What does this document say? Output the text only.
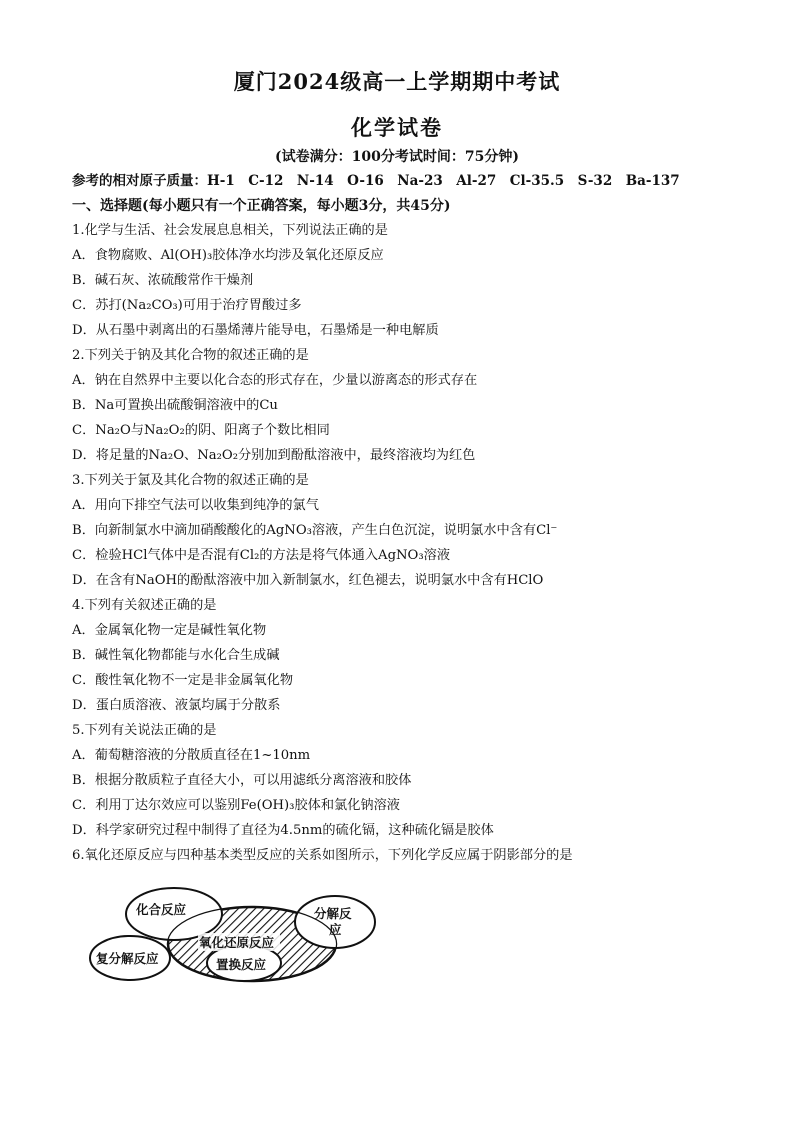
厦门2024级高一上学期期中考试
化学试卷
(试卷满分：100分考试时间：75分钟)
参考的相对原子质量：H-1　C-12　N-14　O-16　Na-23　Al-27　Cl-35.5　S-32　Ba-137
一、选择题(每小题只有一个正确答案，每小题3分，共45分)
1.化学与生活、社会发展息息相关，下列说法正确的是
A．食物腐败、Al(OH)₃胶体净水均涉及氧化还原反应
B．碱石灰、浓硫酸常作干燥剂
C．苏打(Na₂CO₃)可用于治疗胃酸过多
D．从石墨中剥离出的石墨烯薄片能导电，石墨烯是一种电解质
2.下列关于钠及其化合物的叙述正确的是
A．钠在自然界中主要以化合态的形式存在，少量以游离态的形式存在
B．Na可置换出硫酸铜溶液中的Cu
C．Na₂O与Na₂O₂的阴、阳离子个数比相同
D．将足量的Na₂O、Na₂O₂分别加到酚酞溶液中，最终溶液均为红色
3.下列关于氯及其化合物的叙述正确的是
A．用向下排空气法可以收集到纯净的氯气
B．向新制氯水中滴加硝酸酸化的AgNO₃溶液，产生白色沉淀，说明氯水中含有Cl⁻
C．检验HCl气体中是否混有Cl₂的方法是将气体通入AgNO₃溶液
D．在含有NaOH的酚酞溶液中加入新制氯水，红色褪去，说明氯水中含有HClO
4.下列有关叙述正确的是
A．金属氧化物一定是碱性氧化物
B．碱性氧化物都能与水化合生成碱
C．酸性氧化物不一定是非金属氧化物
D．蛋白质溶液、液氯均属于分散系
5.下列有关说法正确的是
A．葡萄糖溶液的分散质直径在1~10nm
B．根据分散质粒子直径大小，可以用滤纸分离溶液和胶体
C．利用丁达尔效应可以鉴别Fe(OH)₃胶体和氯化钠溶液
D．科学家研究过程中制得了直径为4.5nm的硫化镉，这种硫化镉是胶体
6.氧化还原反应与四种基本类型反应的关系如图所示，下列化学反应属于阴影部分的是
氧化还原反应
化合反应	分解反
应
置换反应
复分解反应
